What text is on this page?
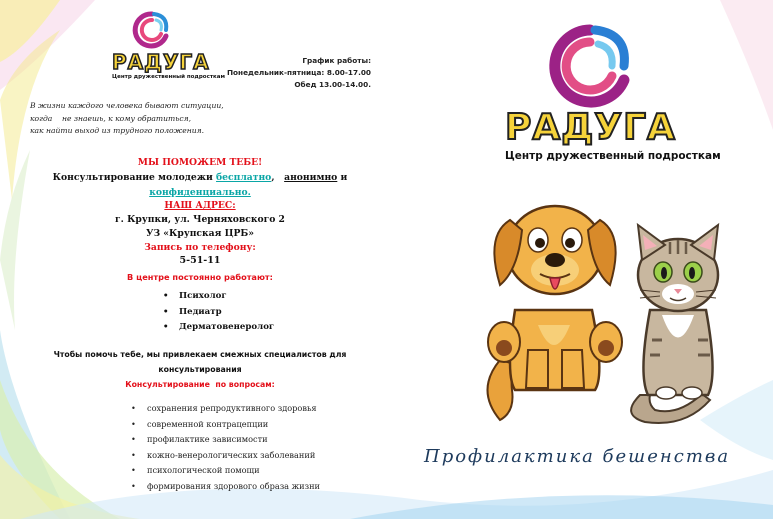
РАДУГА
Центр дружественный подросткам
График работы:
Понедельник-пятница: 8.00-17.00
Обед 13.00-14.00.
В жизни каждого человека бывают ситуации,
когда    не знаешь, к кому обратиться,
как найти выход из трудного положения.
МЫ ПОМОЖЕМ ТЕБЕ!
Консультирование молодежи бесплатно, анонимно и
конфиденциально.
НАШ АДРЕС:
г. Крупки, ул. Черняховского 2
УЗ «Крупская ЦРБ»
Запись по телефону:
5-51-11
В центре постоянно работают:
• Психолог
• Педиатр
• Дерматовенеролог
Чтобы помочь тебе, мы привлекаем смежных специалистов для
консультирования
Консультирование  по вопросам:
• сохранения репродуктивного здоровья
• современной контрацепции
• профилактике зависимости
• кожно-венерологических заболеваний
• психологической помощи
• формирования здорового образа жизни
РАДУГА
Центр дружественный подросткам
Профилактика бешенства
